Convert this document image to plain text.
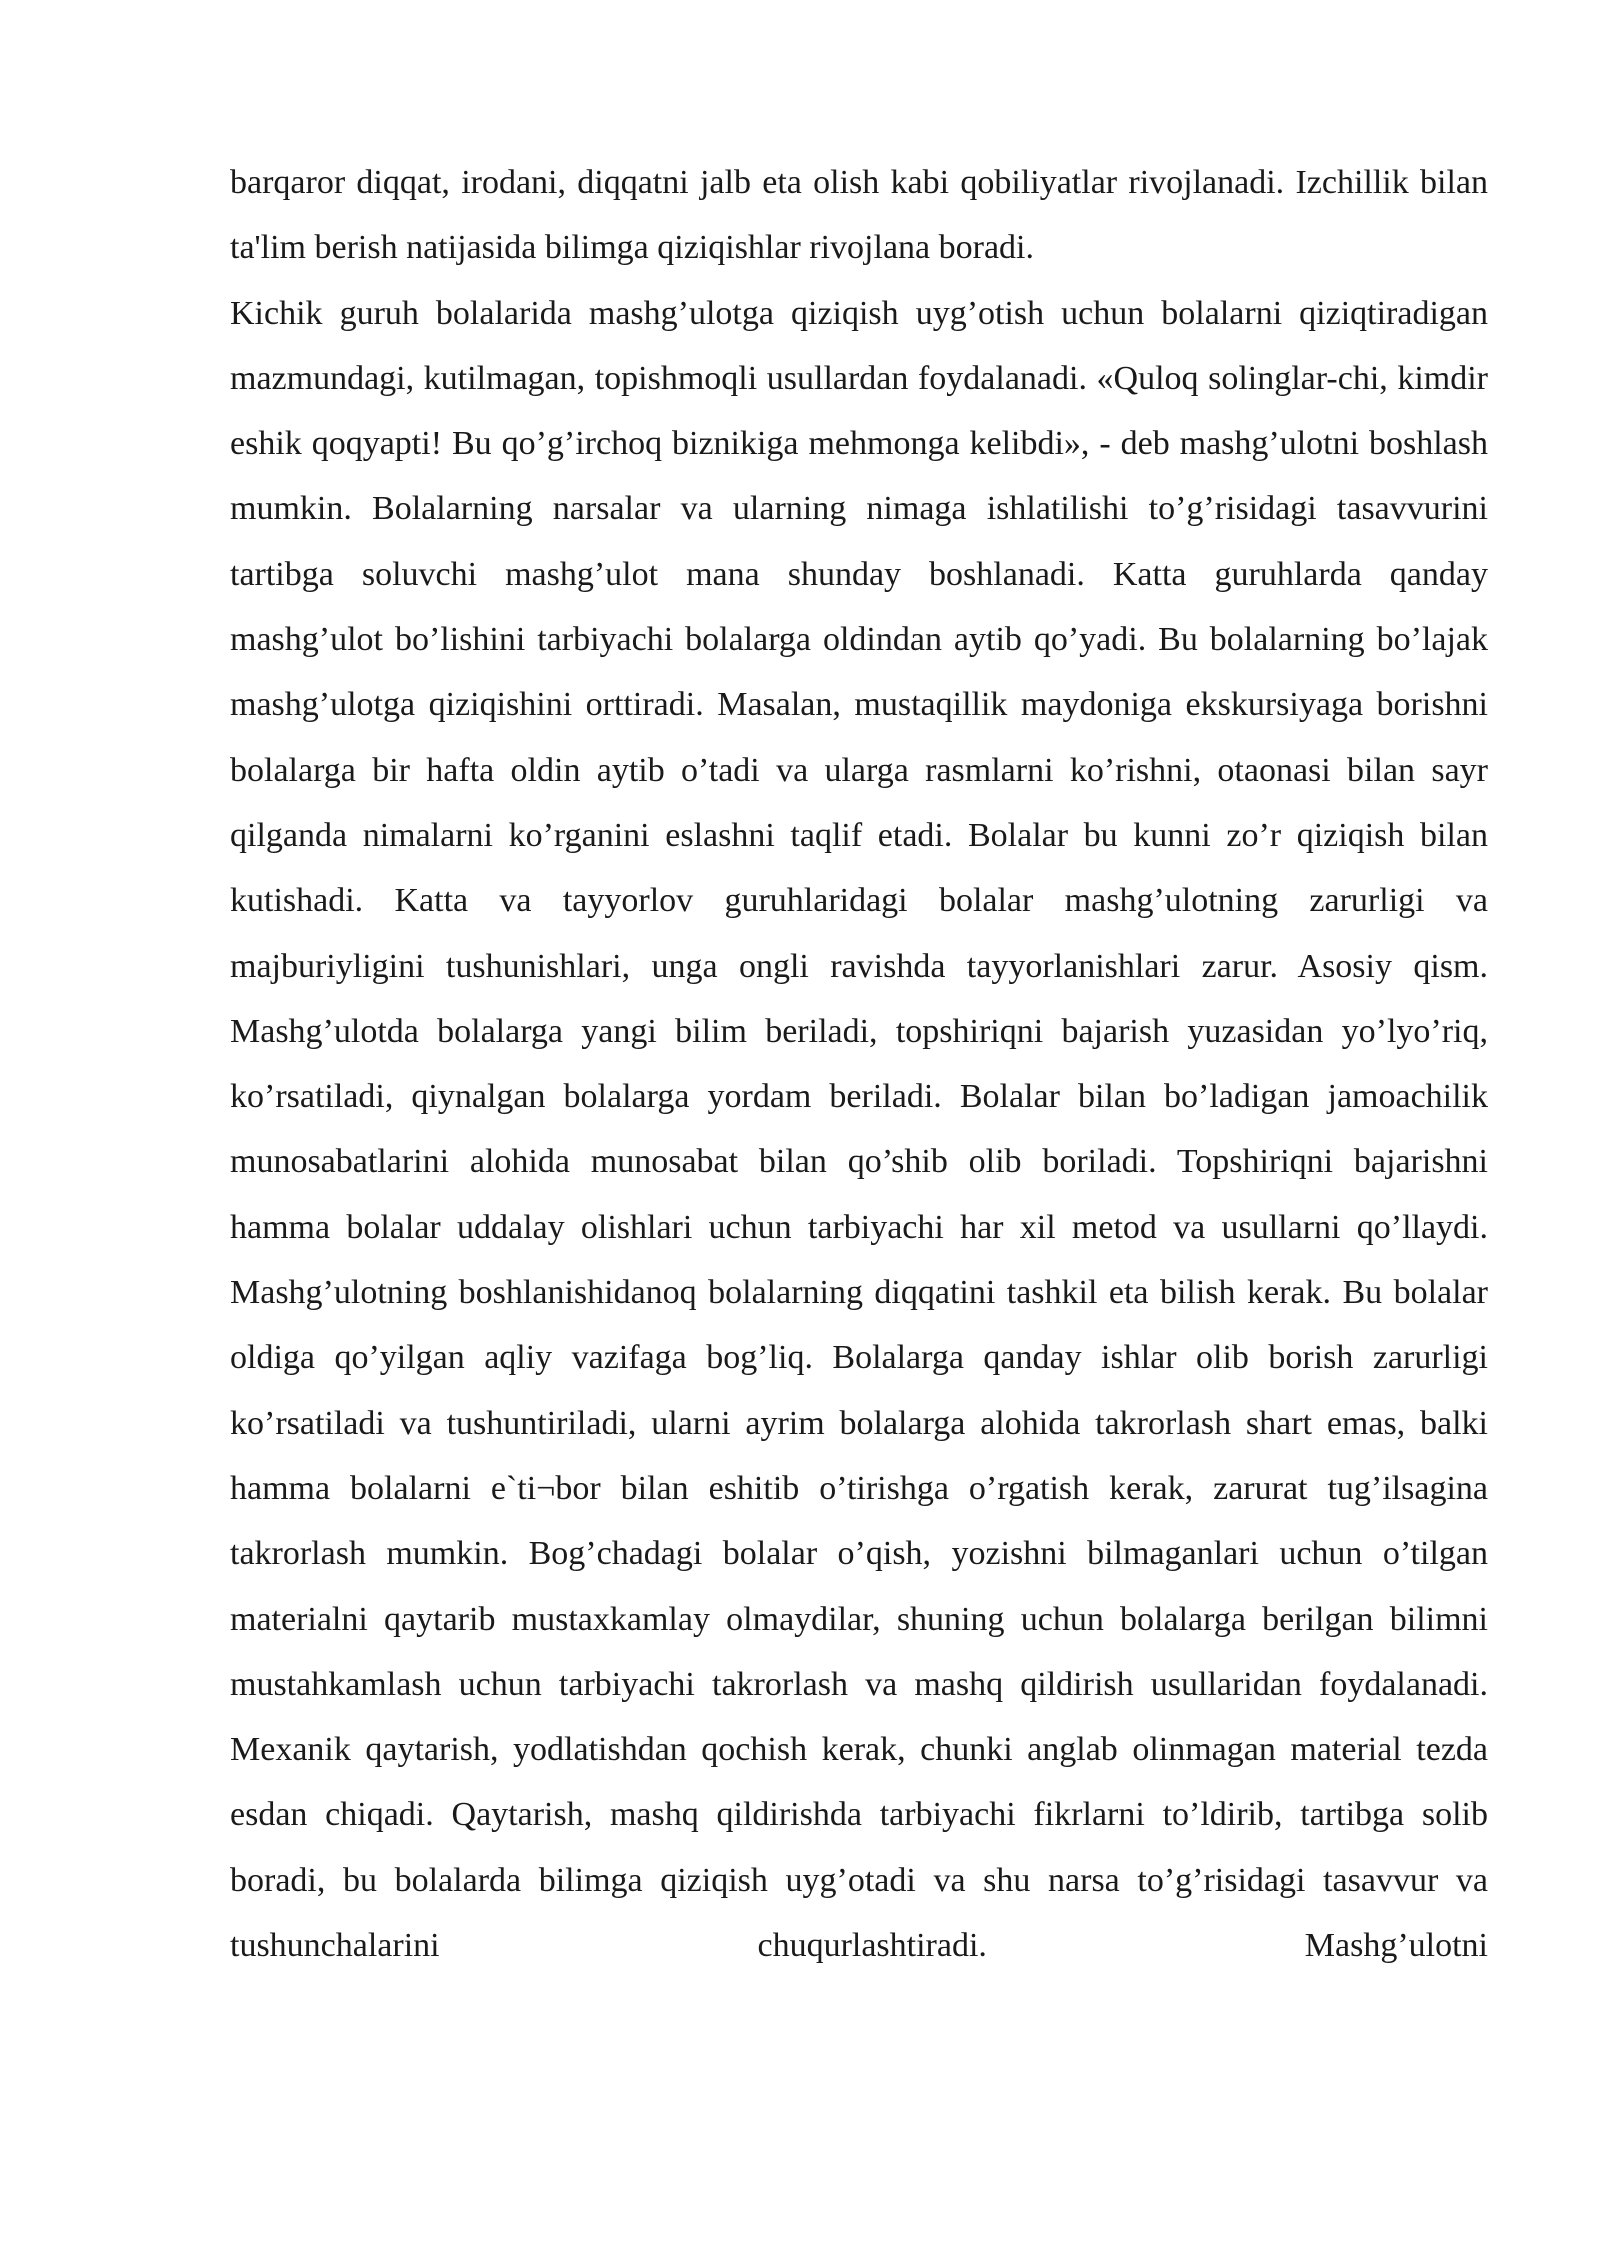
barqaror diqqat, irodani, diqqatni jalb eta olish kabi qobiliyatlar rivojlanadi. Izchillik bilan ta'lim berish natijasida bilimga qiziqishlar rivojlana boradi.

Kichik guruh bolalarida mashg’ulotga qiziqish uyg’otish uchun bolalarni qiziqtiradigan mazmundagi, kutilmagan, topishmoqli usullardan foydalanadi. «Quloq solinglar-chi, kimdir eshik qoqyapti! Bu qo’g’irchoq biznikiga mehmonga kelibdi», - deb mashg’ulotni boshlash mumkin. Bolalarning narsalar va ularning nimaga ishlatilishi to’g’risidagi tasavvurini tartibga soluvchi mashg’ulot mana shunday boshlanadi. Katta guruhlarda qanday mashg’ulot bo’lishini tarbiyachi bolalarga oldindan aytib qo’yadi. Bu bolalarning bo’lajak mashg’ulotga qiziqishini orttiradi. Masalan, mustaqillik maydoniga ekskursiyaga borishni bolalarga bir hafta oldin aytib o’tadi va ularga rasmlarni ko’rishni, otaonasi bilan sayr qilganda nimalarni ko’rganini eslashni taqlif etadi. Bolalar bu kunni zo’r qiziqish bilan kutishadi. Katta va tayyorlov guruhlaridagi bolalar mashg’ulotning zarurligi va majburiyligini tushunishlari, unga ongli ravishda tayyorlanishlari zarur. Asosiy qism. Mashg’ulotda bolalarga yangi bilim beriladi, topshiriqni bajarish yuzasidan yo’lyo’riq, ko’rsatiladi, qiynalgan bolalarga yordam beriladi. Bolalar bilan bo’ladigan jamoachilik munosabatlarini alohida munosabat bilan qo’shib olib boriladi. Topshiriqni bajarishni hamma bolalar uddalay olishlari uchun tarbiyachi har xil metod va usullarni qo’llaydi. Mashg’ulotning boshlanishidanoq bolalarning diqqatini tashkil eta bilish kerak. Bu bolalar oldiga qo’yilgan aqliy vazifaga bog’liq. Bolalarga qanday ishlar olib borish zarurligi ko’rsatiladi va tushuntiriladi, ularni ayrim bolalarga alohida takrorlash shart emas, balki hamma bolalarni e`ti¬bor bilan eshitib o’tirishga o’rgatish kerak, zarurat tug’ilsagina takrorlash mumkin. Bog’chadagi bolalar o’qish, yozishni bilmaganlari uchun o’tilgan materialni qaytarib mustaxkamlay olmaydilar, shuning uchun bolalarga berilgan bilimni mustahkamlash uchun tarbiyachi takrorlash va mashq qildirish usullaridan foydalanadi. Mexanik qaytarish, yodlatishdan qochish kerak, chunki anglab olinmagan material tezda esdan chiqadi. Qaytarish, mashq qildirishda tarbiyachi fikrlarni to’ldirib, tartibga solib boradi, bu bolalarda bilimga qiziqish uyg’otadi va shu narsa to’g’risidagi tasavvur va tushunchalarini chuqurlashtiradi. Mashg’ulotni
